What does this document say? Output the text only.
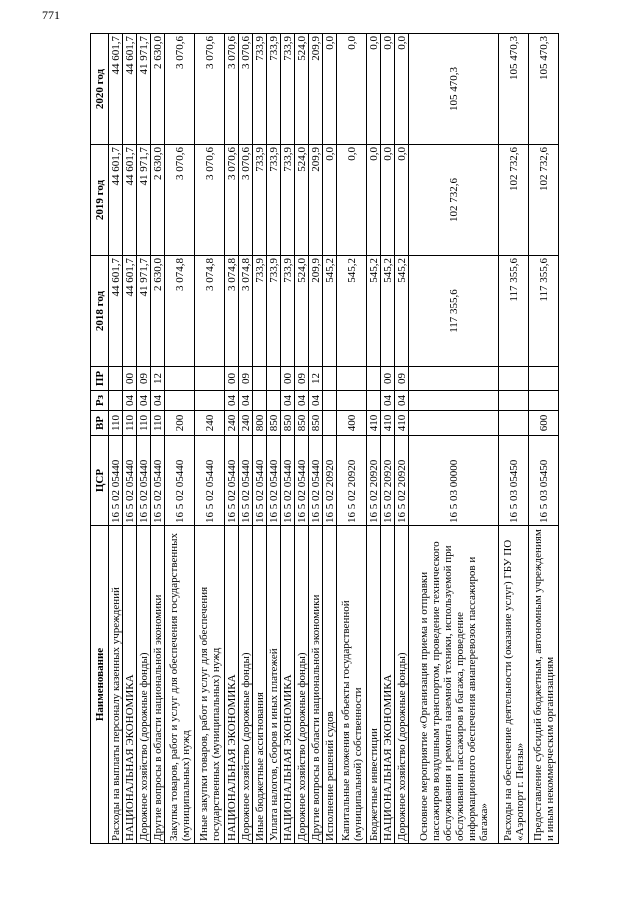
771
Наименование	ЦСР	ВР	Рз	ПР	2018 год	2019 год	2020 год
Расходы на выплаты персоналу казенных учреждений	16 5 02 05440	110			44 601,7	44 601,7	44 601,7
НАЦИОНАЛЬНАЯ ЭКОНОМИКА	16 5 02 05440	110	04	00	44 601,7	44 601,7	44 601,7
Дорожное хозяйство (дорожные фонды)	16 5 02 05440	110	04	09	41 971,7	41 971,7	41 971,7
Другие вопросы в области национальной экономики	16 5 02 05440	110	04	12	2 630,0	2 630,0	2 630,0
Закупка товаров, работ и услуг для обеспечения государственных (муниципальных) нужд	16 5 02 05440	200			3 074,8	3 070,6	3 070,6
Иные закупки товаров, работ и услуг для обеспечения государственных (муниципальных) нужд	16 5 02 05440	240			3 074,8	3 070,6	3 070,6
НАЦИОНАЛЬНАЯ ЭКОНОМИКА	16 5 02 05440	240	04	00	3 074,8	3 070,6	3 070,6
Дорожное хозяйство (дорожные фонды)	16 5 02 05440	240	04	09	3 074,8	3 070,6	3 070,6
Иные бюджетные ассигнования	16 5 02 05440	800			733,9	733,9	733,9
Уплата налогов, сборов и иных платежей	16 5 02 05440	850			733,9	733,9	733,9
НАЦИОНАЛЬНАЯ ЭКОНОМИКА	16 5 02 05440	850	04	00	733,9	733,9	733,9
Дорожное хозяйство (дорожные фонды)	16 5 02 05440	850	04	09	524,0	524,0	524,0
Другие вопросы в области национальной экономики	16 5 02 05440	850	04	12	209,9	209,9	209,9
Исполнение решений судов	16 5 02 20920				545,2	0,0	0,0
Капитальные вложения в объекты государственной (муниципальной) собственности	16 5 02 20920	400			545,2	0,0	0,0
Бюджетные инвестиции	16 5 02 20920	410			545,2	0,0	0,0
НАЦИОНАЛЬНАЯ ЭКОНОМИКА	16 5 02 20920	410	04	00	545,2	0,0	0,0
Дорожное хозяйство (дорожные фонды)	16 5 02 20920	410	04	09	545,2	0,0	0,0
Основное мероприятие «Организация приема и отправки пассажиров воздушным транспортом, проведение технического обслуживания и ремонта наземной техники, используемой при обслуживании пассажиров и багажа, проведение информационного обеспечения авиаперевозок пассажиров и багажа»	16 5 03 00000				117 355,6	102 732,6	105 470,3
Расходы на обеспечение деятельности (оказание услуг) ГБУ ПО «Аэропорт г. Пензы»	16 5 03 05450				117 355,6	102 732,6	105 470,3
Предоставление субсидий бюджетным, автономным учреждениям и иным некоммерческим организациям	16 5 03 05450	600			117 355,6	102 732,6	105 470,3
